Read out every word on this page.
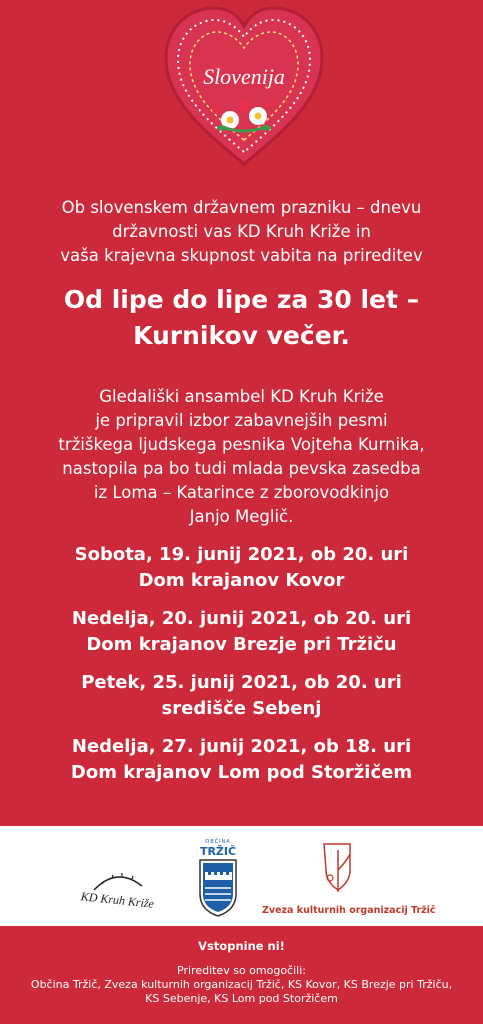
Slovenija
Ob slovenskem državnem prazniku – dnevu
državnosti vas KD Kruh Križe in
vaša krajevna skupnost vabita na prireditev
Od lipe do lipe za 30 let –
Kurnikov večer.
Gledališki ansambel KD Kruh Križe
je pripravil izbor zabavnejših pesmi
tržiškega ljudskega pesnika Vojteha Kurnika,
nastopila pa bo tudi mlada pevska zasedba
iz Loma – Katarince z zborovodkinjo
Janjo Meglič.
Sobota, 19. junij 2021, ob 20. uri
Dom krajanov Kovor
Nedelja, 20. junij 2021, ob 20. uri
Dom krajanov Brezje pri Tržiču
Petek, 25. junij 2021, ob 20. uri
središče Sebenj
Nedelja, 27. junij 2021, ob 18. uri
Dom krajanov Lom pod Storžičem
KD Kruh Križe
OBČINA
TRŽIČ
Zveza kulturnih organizacij Tržič
Vstopnine ni!
Prireditev so omogočili:
Občina Tržič, Zveza kulturnih organizacij Tržič, KS Kovor, KS Brezje pri Tržiču,
KS Sebenje, KS Lom pod Storžičem
